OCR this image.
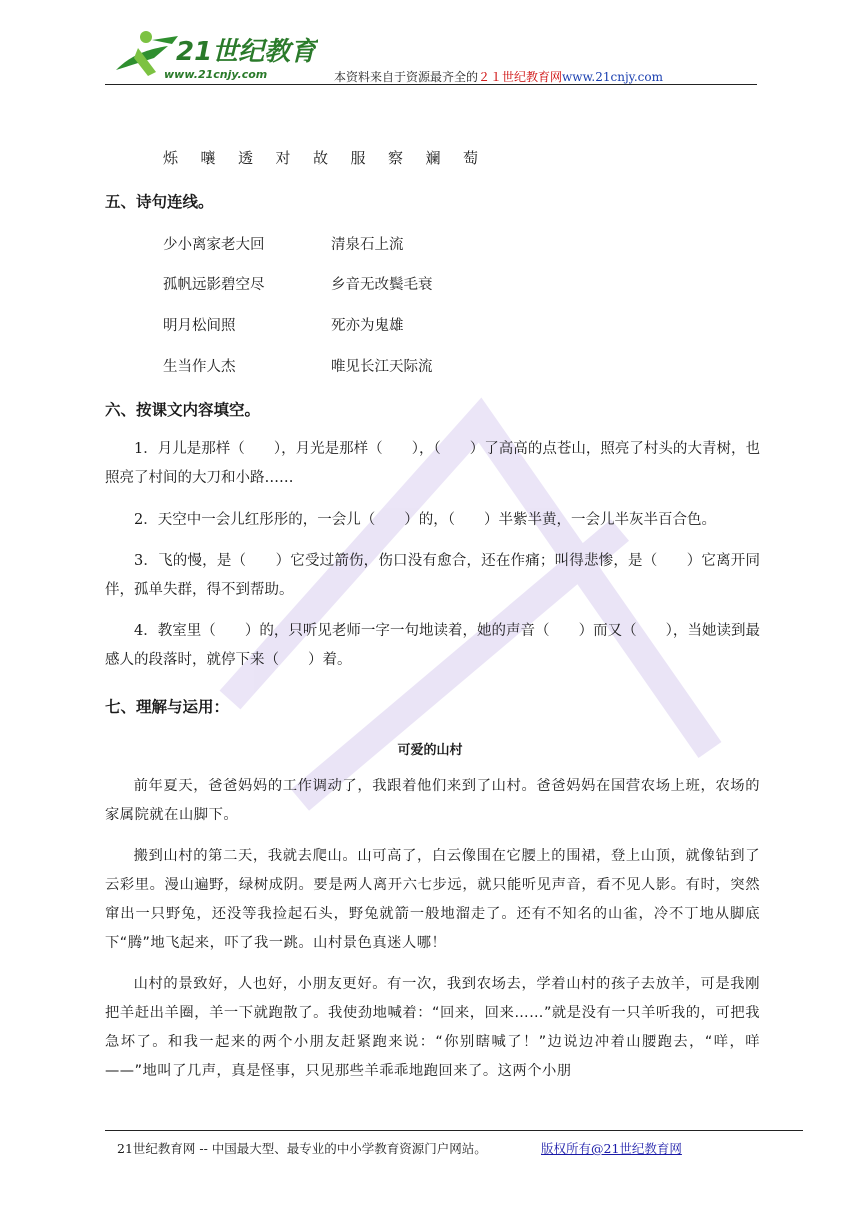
21世纪教育
www.21cnjy.com	本资料来自于资源最齐全的２１世纪教育网www.21cnjy.com
烁 嚷 透 对 故 服 察 斓 萄
五、诗句连线。
少小离家老大回	清泉石上流
孤帆远影碧空尽	乡音无改鬓毛衰
明月松间照	死亦为鬼雄
生当作人杰	唯见长江天际流
六、按课文内容填空。

1．月儿是那样（　　），月光是那样（　　），（　　）了高高的点苍山，照亮了村头的大青树，也照亮了村间的大刀和小路……

2．天空中一会儿红彤彤的，一会儿（　　）的，（　　）半紫半黄，一会儿半灰半百合色。

3．飞的慢，是（　　）它受过箭伤，伤口没有愈合，还在作痛；叫得悲惨，是（　　）它离开同伴，孤单失群，得不到帮助。

4．教室里（　　）的，只听见老师一字一句地读着，她的声音（　　）而又（　　），当她读到最感人的段落时，就停下来（　　）着。

七、理解与运用：
可爱的山村

前年夏天，爸爸妈妈的工作调动了，我跟着他们来到了山村。爸爸妈妈在国营农场上班，农场的家属院就在山脚下。

搬到山村的第二天，我就去爬山。山可高了，白云像围在它腰上的围裙，登上山顶，就像钻到了云彩里。漫山遍野，绿树成阴。要是两人离开六七步远，就只能听见声音，看不见人影。有时，突然窜出一只野兔，还没等我捡起石头，野兔就箭一般地溜走了。还有不知名的山雀，冷不丁地从脚底下“腾”地飞起来，吓了我一跳。山村景色真迷人哪！

山村的景致好，人也好，小朋友更好。有一次，我到农场去，学着山村的孩子去放羊，可是我刚把羊赶出羊圈，羊一下就跑散了。我使劲地喊着：“回来，回来……”就是没有一只羊听我的，可把我急坏了。和我一起来的两个小朋友赶紧跑来说：“你别瞎喊了！”边说边冲着山腰跑去，“咩，咩——”地叫了几声，真是怪事，只见那些羊乖乖地跑回来了。这两个小朋

21世纪教育网 -- 中国最大型、最专业的中小学教育资源门户网站。	版权所有@21世纪教育网
